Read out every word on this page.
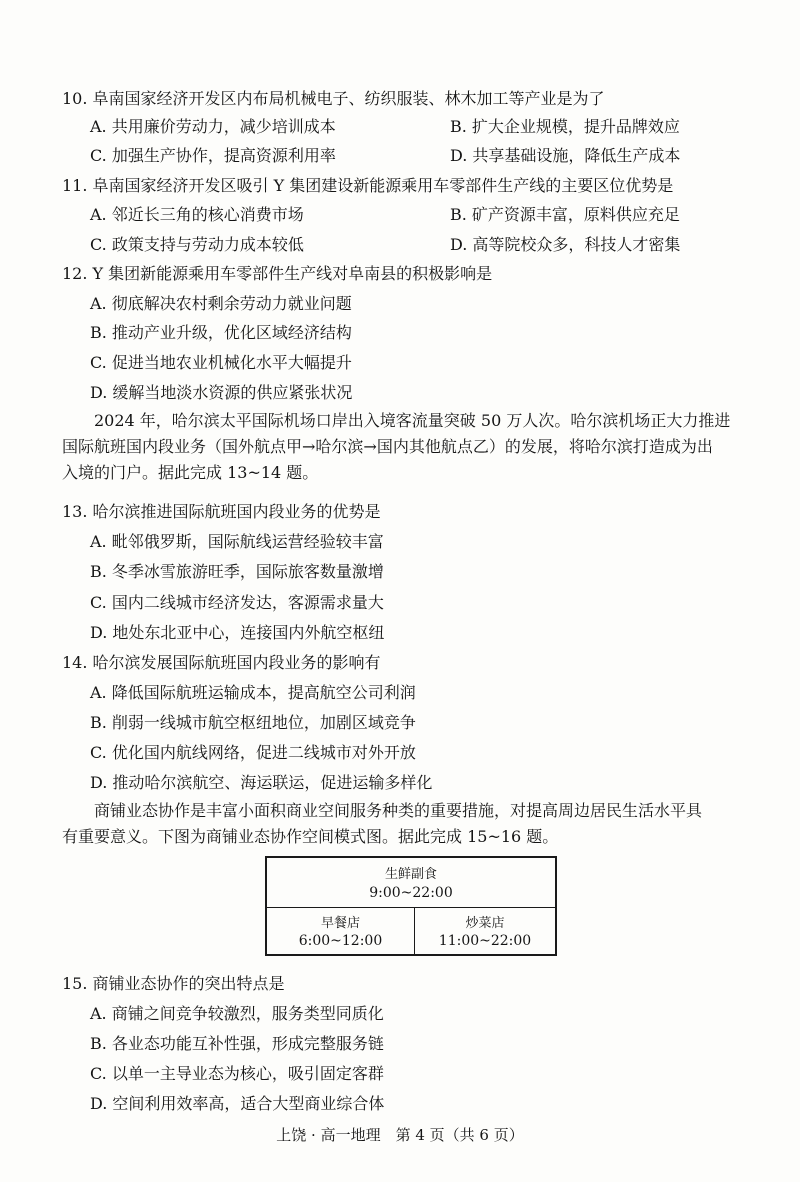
10. 阜南国家经济开发区内布局机械电子、纺织服装、林木加工等产业是为了
A. 共用廉价劳动力，减少培训成本	B. 扩大企业规模，提升品牌效应
C. 加强生产协作，提高资源利用率	D. 共享基础设施，降低生产成本
11. 阜南国家经济开发区吸引 Y 集团建设新能源乘用车零部件生产线的主要区位优势是
A. 邻近长三角的核心消费市场	B. 矿产资源丰富，原料供应充足
C. 政策支持与劳动力成本较低	D. 高等院校众多，科技人才密集
12. Y 集团新能源乘用车零部件生产线对阜南县的积极影响是
A. 彻底解决农村剩余劳动力就业问题
B. 推动产业升级，优化区域经济结构
C. 促进当地农业机械化水平大幅提升
D. 缓解当地淡水资源的供应紧张状况
2024 年，哈尔滨太平国际机场口岸出入境客流量突破 50 万人次。哈尔滨机场正大力推进
国际航班国内段业务（国外航点甲→哈尔滨→国内其他航点乙）的发展，将哈尔滨打造成为出
入境的门户。据此完成 13~14 题。
13. 哈尔滨推进国际航班国内段业务的优势是
A. 毗邻俄罗斯，国际航线运营经验较丰富
B. 冬季冰雪旅游旺季，国际旅客数量激增
C. 国内二线城市经济发达，客源需求量大
D. 地处东北亚中心，连接国内外航空枢纽
14. 哈尔滨发展国际航班国内段业务的影响有
A. 降低国际航班运输成本，提高航空公司利润
B. 削弱一线城市航空枢纽地位，加剧区域竞争
C. 优化国内航线网络，促进二线城市对外开放
D. 推动哈尔滨航空、海运联运，促进运输多样化
商铺业态协作是丰富小面积商业空间服务种类的重要措施，对提高周边居民生活水平具
有重要意义。下图为商铺业态协作空间模式图。据此完成 15~16 题。
生鲜副食
9:00~22:00
早餐店
6:00~12:00
炒菜店
11:00~22:00
15. 商铺业态协作的突出特点是
A. 商铺之间竞争较激烈，服务类型同质化
B. 各业态功能互补性强，形成完整服务链
C. 以单一主导业态为核心，吸引固定客群
D. 空间利用效率高，适合大型商业综合体
上饶 · 高一地理　第 4 页（共 6 页）
